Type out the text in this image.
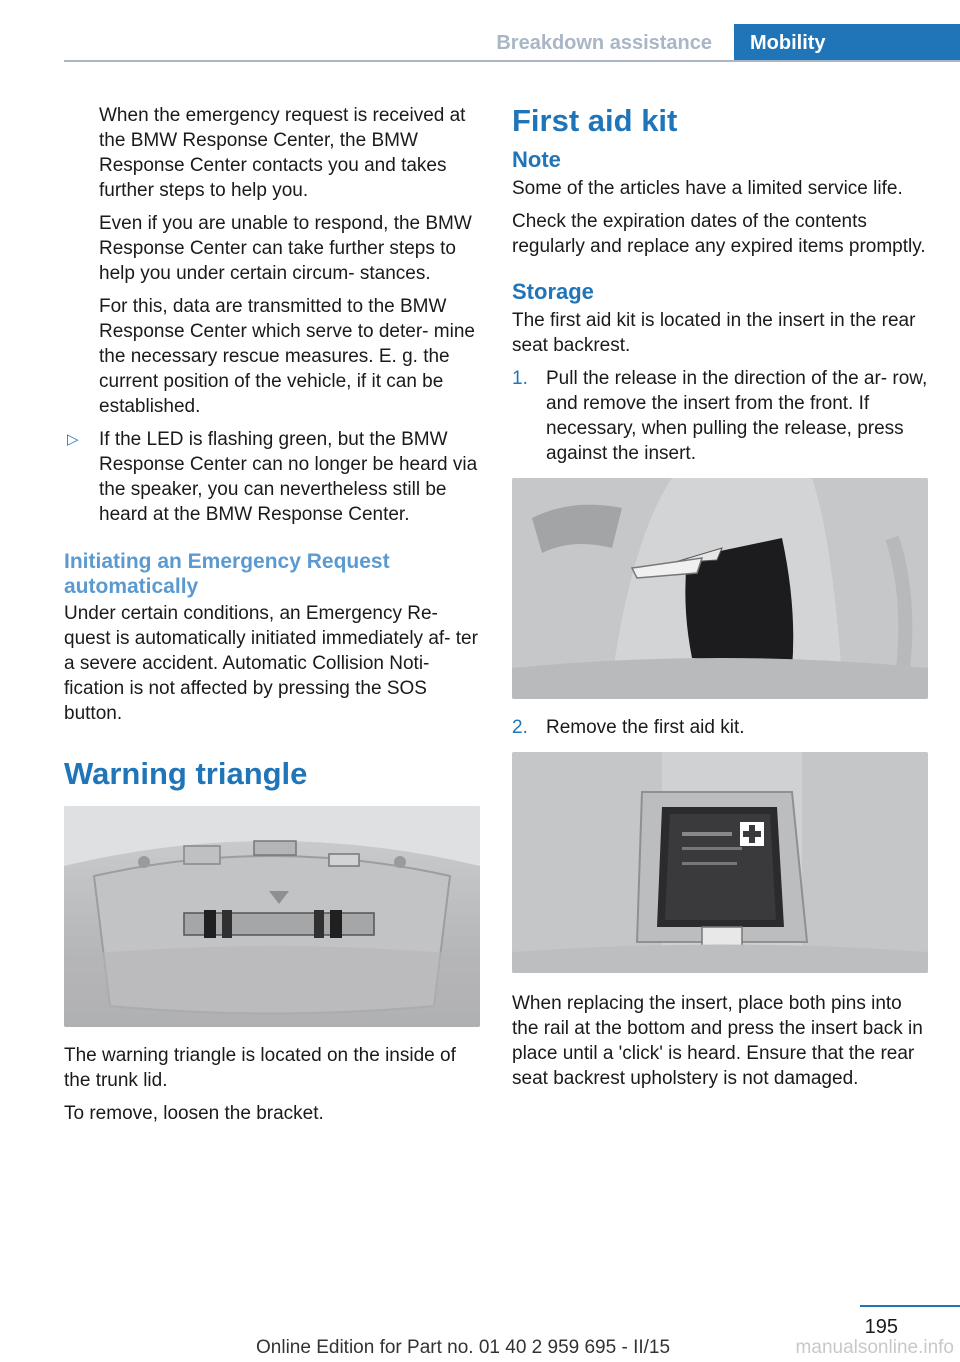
Breakdown assistance	Mobility

When the emergency request is received at the BMW Response Center, the BMW Response Center contacts you and takes further steps to help you.

Even if you are unable to respond, the BMW Response Center can take further steps to help you under certain circum‐ stances.

For this, data are transmitted to the BMW Response Center which serve to deter‐ mine the necessary rescue measures. E. g. the current position of the vehicle, if it can be established.

▷ If the LED is flashing green, but the BMW Response Center can no longer be heard via the speaker, you can nevertheless still be heard at the BMW Response Center.
Initiating an Emergency Request automatically

Under certain conditions, an Emergency Re‐ quest is automatically initiated immediately af‐ ter a severe accident. Automatic Collision Noti‐ fication is not affected by pressing the SOS button.

Warning triangle

The warning triangle is located on the inside of the trunk lid.

To remove, loosen the bracket.

First aid kit
Note

Some of the articles have a limited service life.

Check the expiration dates of the contents regularly and replace any expired items promptly.

Storage

The first aid kit is located in the insert in the rear seat backrest.

1. Pull the release in the direction of the ar‐ row, and remove the insert from the front. If necessary, when pulling the release, press against the insert.
2. Remove the first aid kit.

When replacing the insert, place both pins into the rail at the bottom and press the insert back in place until a 'click' is heard. Ensure that the rear seat backrest upholstery is not damaged.

195
Online Edition for Part no. 01 40 2 959 695 - II/15	manualsonline.info
